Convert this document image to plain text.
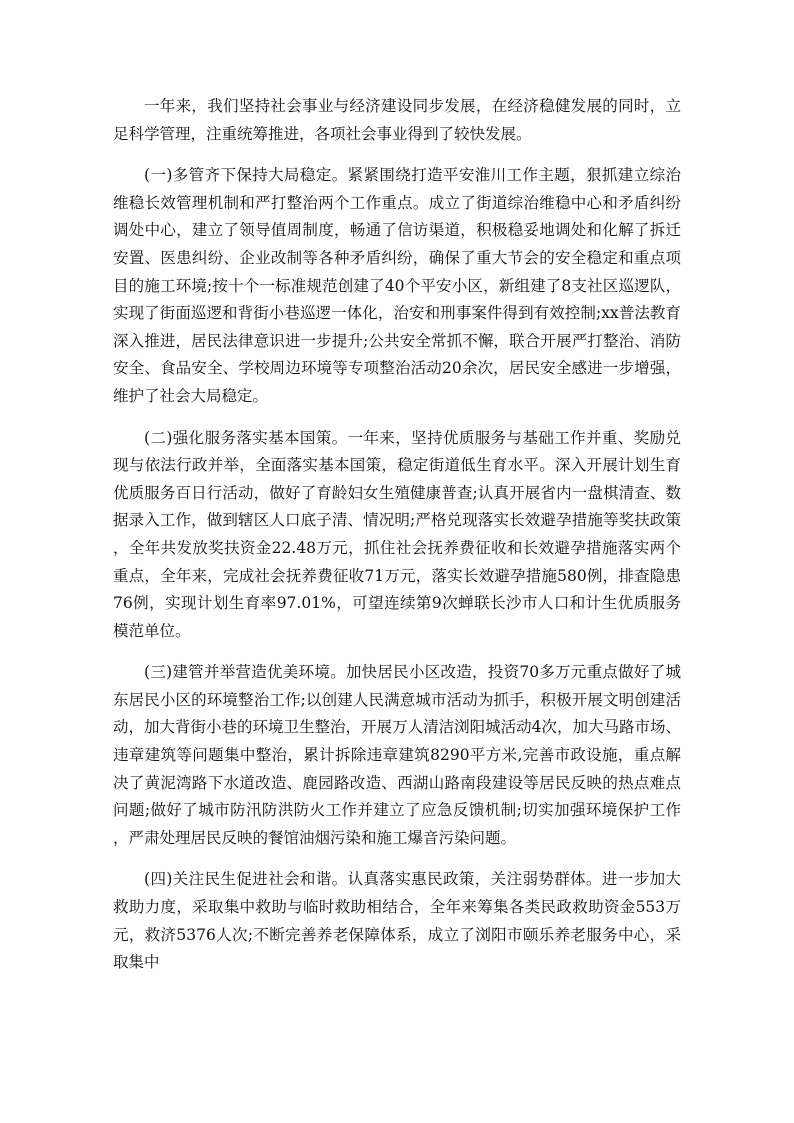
一年来，我们坚持社会事业与经济建设同步发展，在经济稳健发展的同时，立足科学管理，注重统筹推进，各项社会事业得到了较快发展。

(一)多管齐下保持大局稳定。紧紧围绕打造平安淮川工作主题，狠抓建立综治维稳长效管理机制和严打整治两个工作重点。成立了街道综治维稳中心和矛盾纠纷调处中心，建立了领导值周制度，畅通了信访渠道，积极稳妥地调处和化解了拆迁安置、医患纠纷、企业改制等各种矛盾纠纷，确保了重大节会的安全稳定和重点项目的施工环境;按十个一标准规范创建了40个平安小区，新组建了8支社区巡逻队，实现了街面巡逻和背街小巷巡逻一体化，治安和刑事案件得到有效控制;xx普法教育深入推进，居民法律意识进一步提升;公共安全常抓不懈，联合开展严打整治、消防安全、食品安全、学校周边环境等专项整治活动20余次，居民安全感进一步增强，维护了社会大局稳定。

(二)强化服务落实基本国策。一年来，坚持优质服务与基础工作并重、奖励兑现与依法行政并举，全面落实基本国策，稳定街道低生育水平。深入开展计划生育优质服务百日行活动，做好了育龄妇女生殖健康普查;认真开展省内一盘棋清查、数据录入工作，做到辖区人口底子清、情况明;严格兑现落实长效避孕措施等奖扶政策，全年共发放奖扶资金22.48万元，抓住社会抚养费征收和长效避孕措施落实两个重点，全年来，完成社会抚养费征收71万元，落实长效避孕措施580例，排查隐患76例，实现计划生育率97.01%，可望连续第9次蝉联长沙市人口和计生优质服务模范单位。

(三)建管并举营造优美环境。加快居民小区改造，投资70多万元重点做好了城东居民小区的环境整治工作;以创建人民满意城市活动为抓手，积极开展文明创建活动，加大背街小巷的环境卫生整治，开展万人清洁浏阳城活动4次，加大马路市场、违章建筑等问题集中整治，累计拆除违章建筑8290平方米,完善市政设施，重点解决了黄泥湾路下水道改造、鹿园路改造、西湖山路南段建设等居民反映的热点难点问题;做好了城市防汛防洪防火工作并建立了应急反馈机制;切实加强环境保护工作，严肃处理居民反映的餐馆油烟污染和施工爆音污染问题。

(四)关注民生促进社会和谐。认真落实惠民政策，关注弱势群体。进一步加大救助力度，采取集中救助与临时救助相结合，全年来筹集各类民政救助资金553万元，救济5376人次;不断完善养老保障体系，成立了浏阳市颐乐养老服务中心，采取集中
